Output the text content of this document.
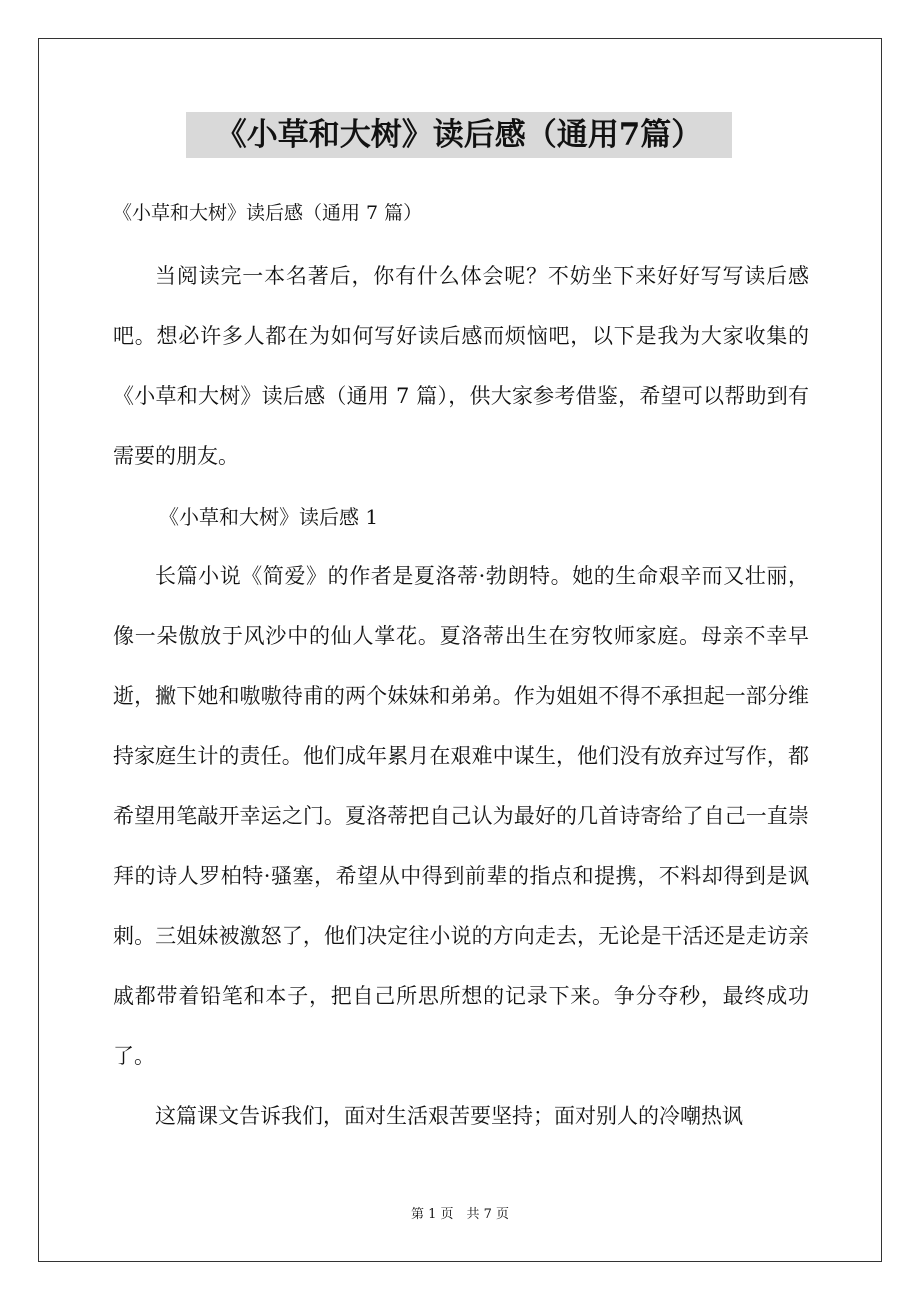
《小草和大树》读后感（通用7篇）
《小草和大树》读后感（通用 7 篇）
当阅读完一本名著后，你有什么体会呢？不妨坐下来好好写写读后感吧。想必许多人都在为如何写好读后感而烦恼吧，以下是我为大家收集的《小草和大树》读后感（通用 7 篇），供大家参考借鉴，希望可以帮助到有需要的朋友。
《小草和大树》读后感 1
长篇小说《简爱》的作者是夏洛蒂·勃朗特。她的生命艰辛而又壮丽，像一朵傲放于风沙中的仙人掌花。夏洛蒂出生在穷牧师家庭。母亲不幸早逝，撇下她和嗷嗷待甫的两个妹妹和弟弟。作为姐姐不得不承担起一部分维持家庭生计的责任。他们成年累月在艰难中谋生，他们没有放弃过写作，都希望用笔敲开幸运之门。夏洛蒂把自己认为最好的几首诗寄给了自己一直崇拜的诗人罗柏特·骚塞，希望从中得到前辈的指点和提携，不料却得到是讽刺。三姐妹被激怒了，他们决定往小说的方向走去，无论是干活还是走访亲戚都带着铅笔和本子，把自己所思所想的记录下来。争分夺秒，最终成功了。
这篇课文告诉我们，面对生活艰苦要坚持；面对别人的冷嘲热讽
第 1 页　共 7 页
